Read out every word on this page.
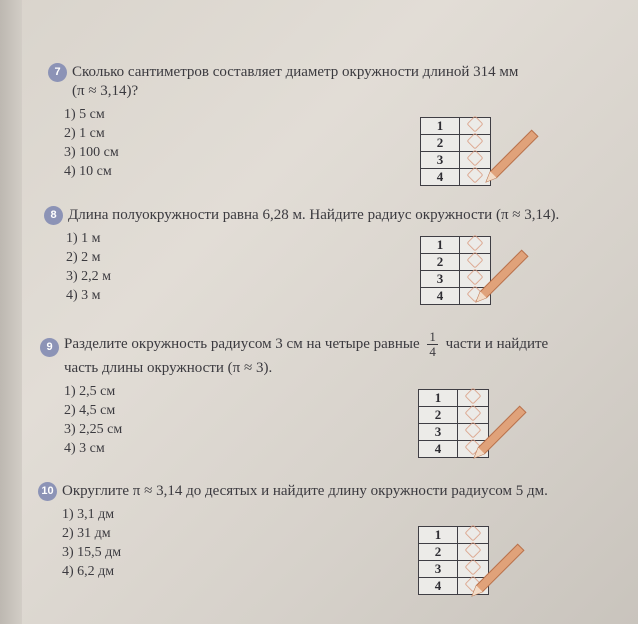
7 Сколько сантиметров составляет диаметр окружности длиной 314 мм
(π ≈ 3,14)?
1) 5 см
2) 1 см
3) 100 см
4) 10 см
1	
2	
3	
4	
8 Длина полуокружности равна 6,28 м. Найдите радиус окружности (π ≈ 3,14).
1) 1 м
2) 2 м
3) 2,2 м
4) 3 м
1	
2	
3	
4	
9 Разделите окружность радиусом 3 см на четыре равные $\frac{1}{4}$ части и найдите
часть длины окружности (π ≈ 3).
1) 2,5 см
2) 4,5 см
3) 2,25 см
4) 3 см
1	
2	
3	
4	
10 Округлите π ≈ 3,14 до десятых и найдите длину окружности радиусом 5 дм.
1) 3,1 дм
2) 31 дм
3) 15,5 дм
4) 6,2 дм
1	
2	
3	
4	
